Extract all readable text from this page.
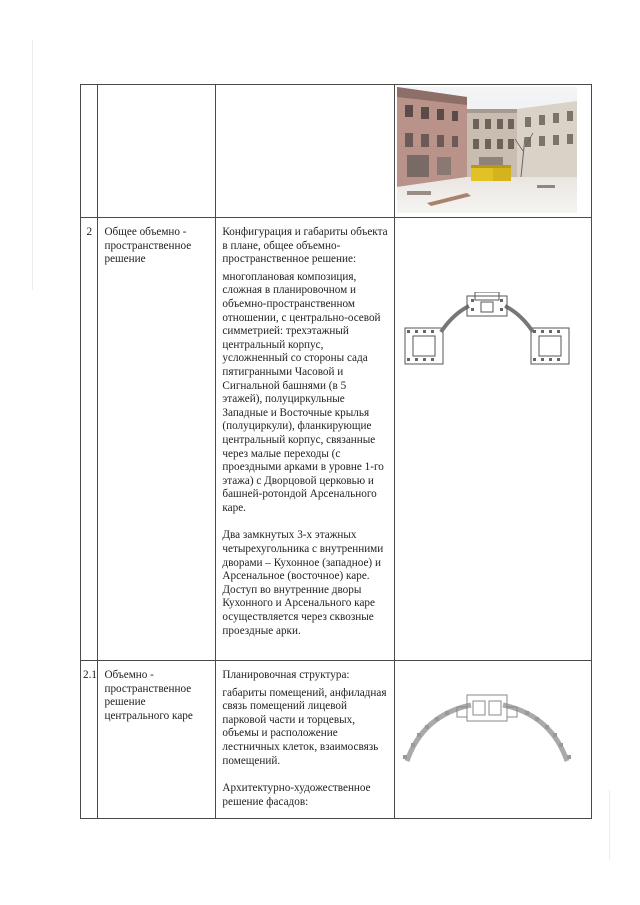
2	Общее объемно - пространственное решение	Конфигурация и габариты объекта в плане, общее объемно-пространственное решение:

многоплановая композиция, сложная в планировочном и объемно-пространственном отношении, с центрально-осевой симметрией: трехэтажный центральный корпус, усложненный со стороны сада пятигранными Часовой и Сигнальной башнями (в 5 этажей), полуциркульные Западные и Восточные крылья (полуциркули), фланкирующие центральный корпус, связанные через малые переходы (с проездными арками в уровне 1-го этажа) с Дворцовой церковью и башней-ротондой Арсенального каре.

Два замкнутых 3-х этажных четырехугольника с внутренними дворами – Кухонное (западное) и Арсенальное (восточное) каре. Доступ во внутренние дворы Кухонного и Арсенального каре осуществляется через сквозные проездные арки.

2.1	Объемно - пространственное решение центрального каре	Планировочная структура:

габариты помещений, анфиладная связь помещений лицевой парковой части и торцевых, объемы и расположение лестничных клеток, взаимосвязь помещений.

Архитектурно-художественное решение фасадов:
